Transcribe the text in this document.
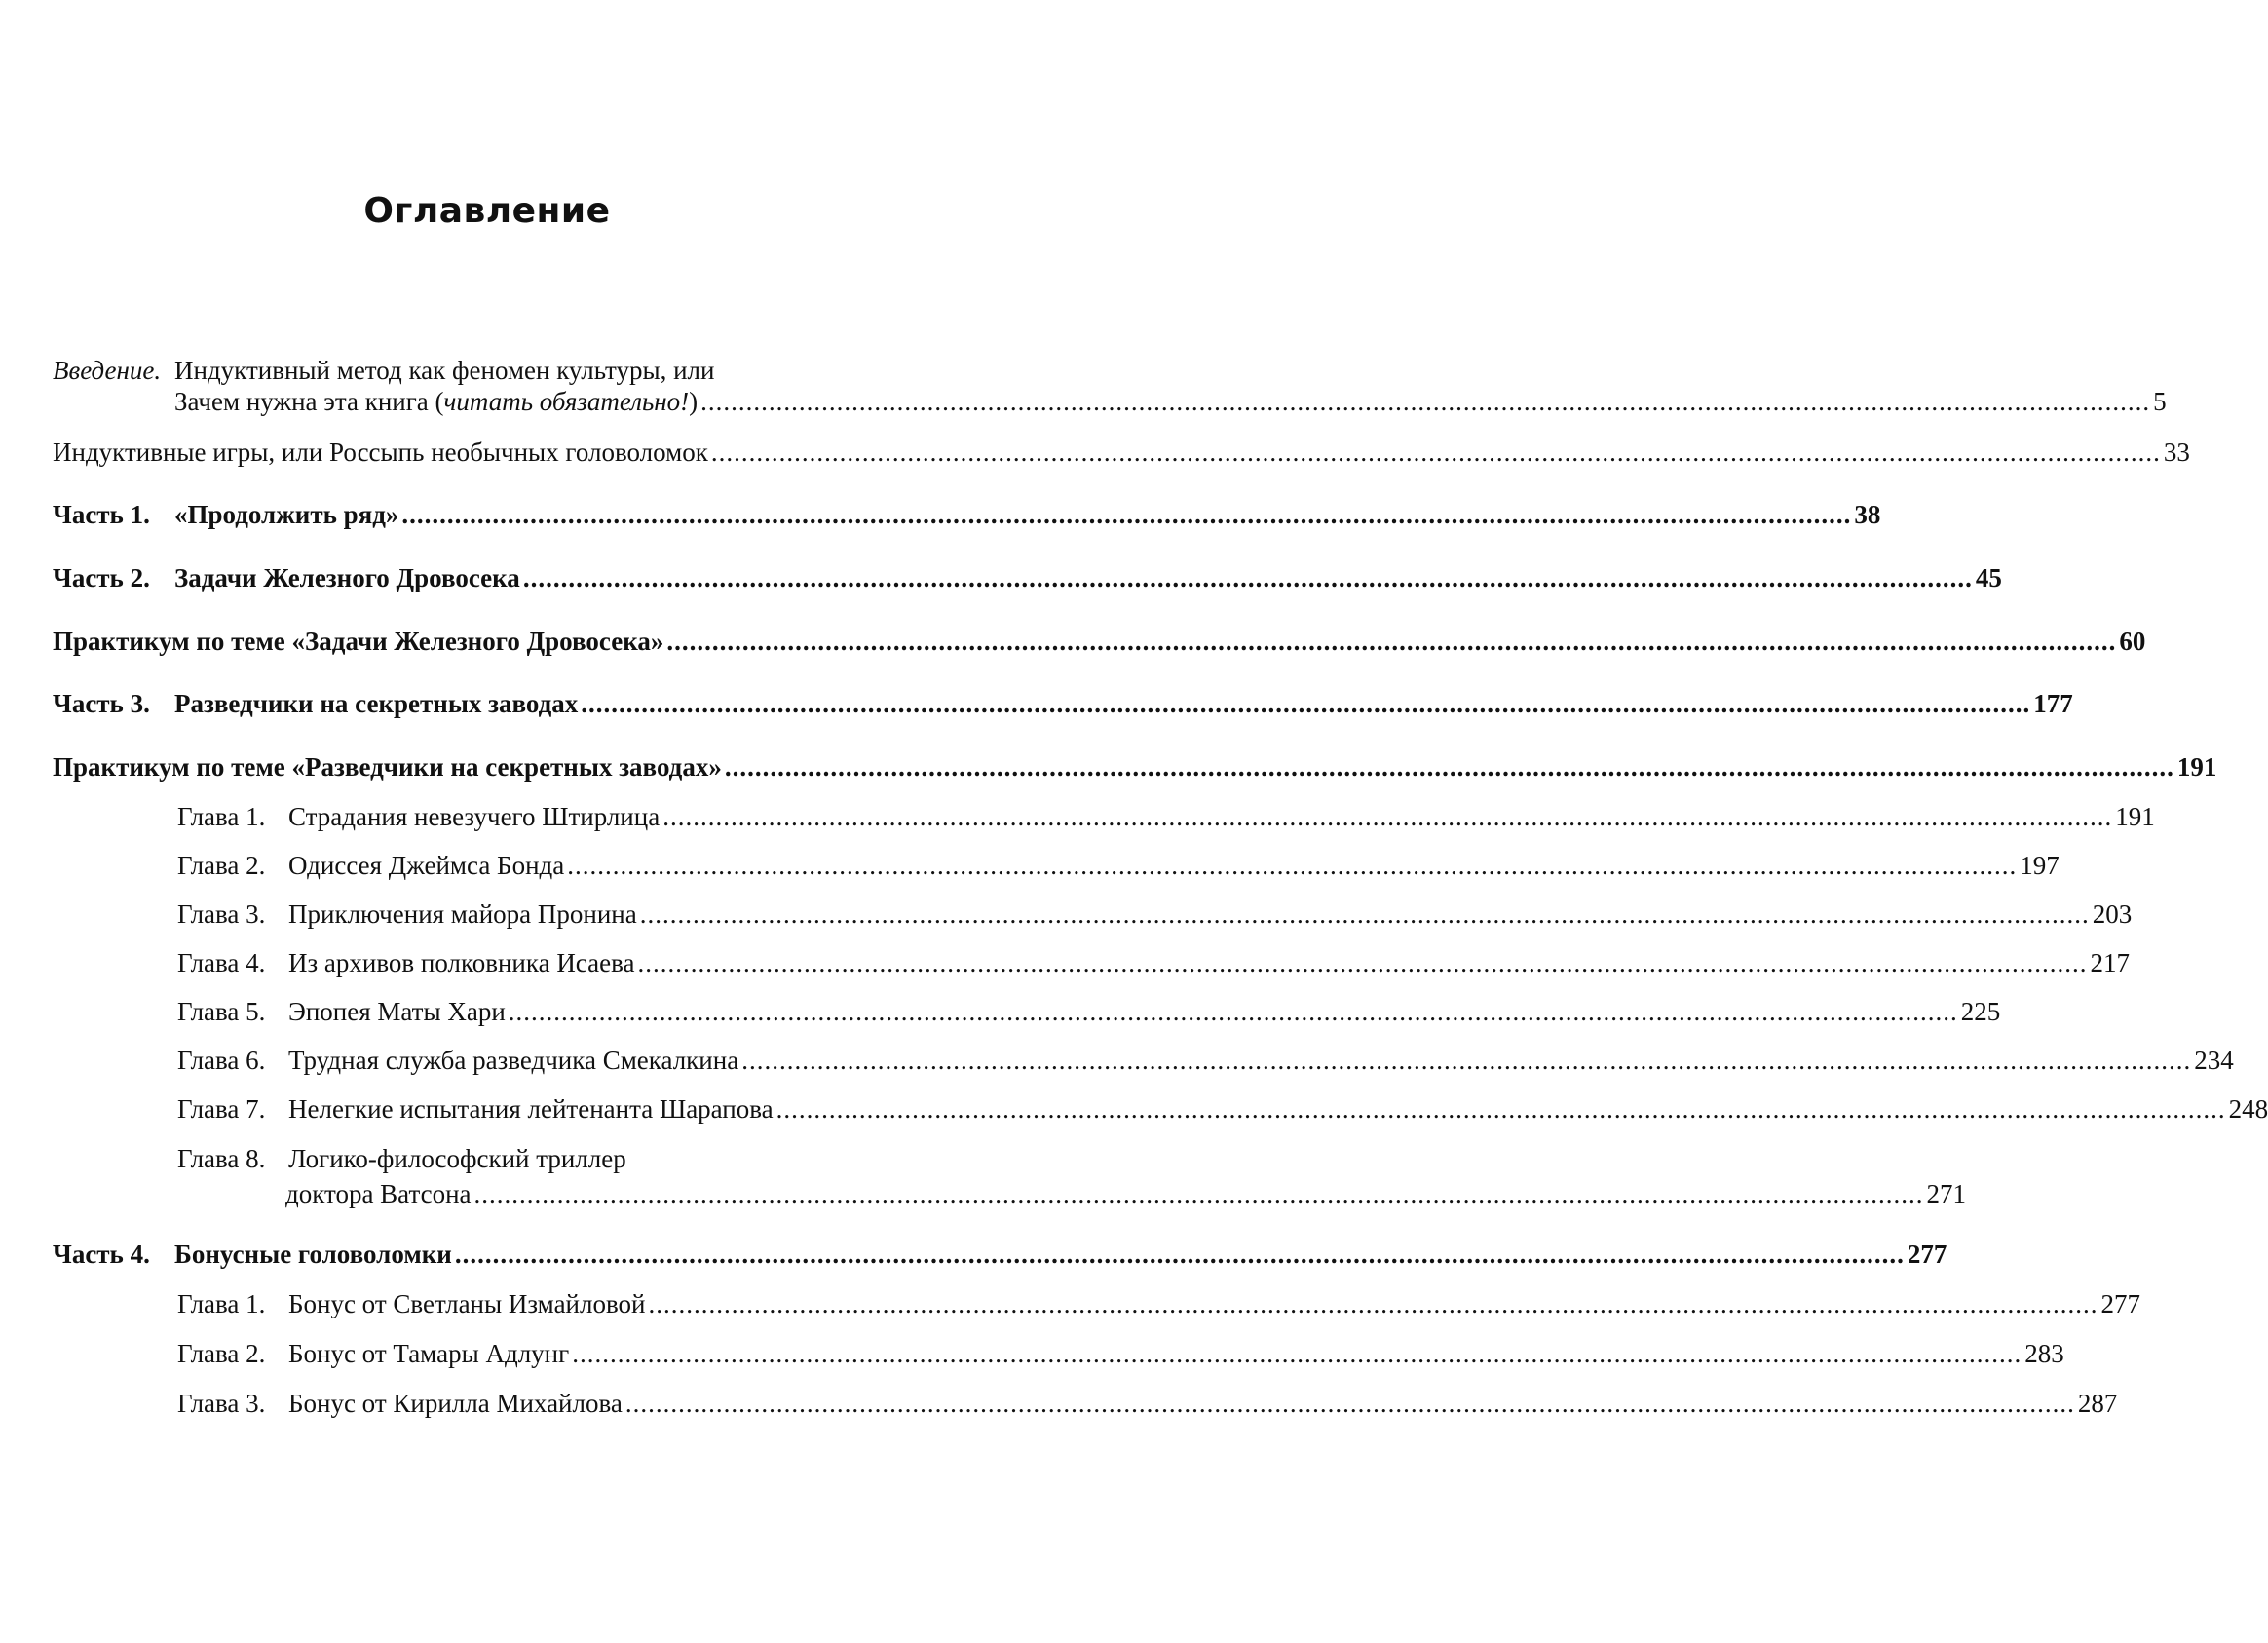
Оглавление
Введение. Индуктивный метод как феномен культуры, или
Зачем нужна эта книга (читать обязательно!) .....	5
Индуктивные игры, или Россыпь необычных головоломок .....	33
Часть 1. «Продолжить ряд» .....	38
Часть 2. Задачи Железного Дровосека .....	45
Практикум по теме «Задачи Железного Дровосека» .....	60
Часть 3. Разведчики на секретных заводах .....	177
Практикум по теме «Разведчики на секретных заводах» .....	191
Глава 1. Страдания невезучего Штирлица .....	191
Глава 2. Одиссея Джеймса Бонда .....	197
Глава 3. Приключения майора Пронина .....	203
Глава 4. Из архивов полковника Исаева .....	217
Глава 5. Эпопея Маты Хари .....	225
Глава 6. Трудная служба разведчика Смекалкина .....	234
Глава 7. Нелегкие испытания лейтенанта Шарапова .....	248
Глава 8. Логико-философский триллер
доктора Ватсона .....	271
Часть 4. Бонусные головоломки .....	277
Глава 1. Бонус от Светланы Измайловой .....	277
Глава 2. Бонус от Тамары Адлунг .....	283
Глава 3. Бонус от Кирилла Михайлова .....	287
